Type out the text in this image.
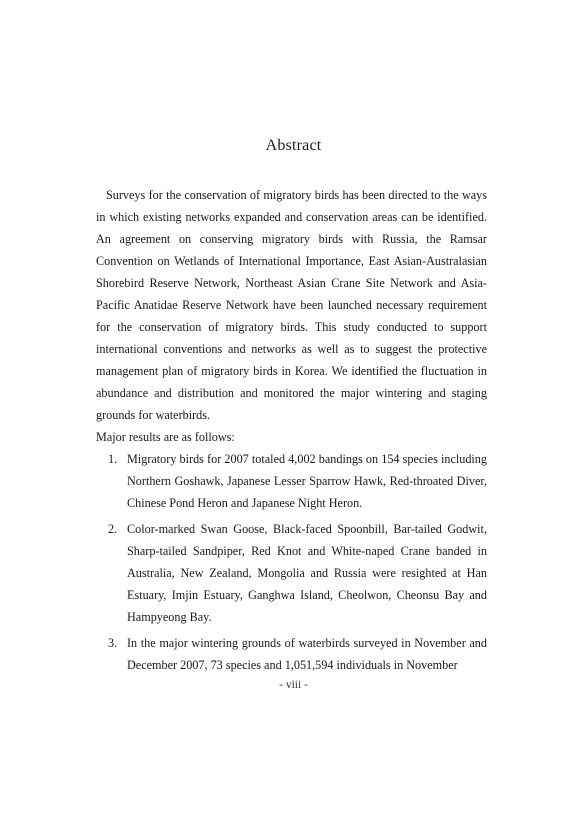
Abstract

Surveys for the conservation of migratory birds has been directed to the ways in which existing networks expanded and conservation areas can be identified. An agreement on conserving migratory birds with Russia, the Ramsar Convention on Wetlands of International Importance, East Asian-Australasian Shorebird Reserve Network, Northeast Asian Crane Site Network and Asia-Pacific Anatidae Reserve Network have been launched necessary requirement for the conservation of migratory birds. This study conducted to support international conventions and networks as well as to suggest the protective management plan of migratory birds in Korea. We identified the fluctuation in abundance and distribution and monitored the major wintering and staging grounds for waterbirds.

Major results are as follows:

1. Migratory birds for 2007 totaled 4,002 bandings on 154 species including Northern Goshawk, Japanese Lesser Sparrow Hawk, Red-throated Diver, Chinese Pond Heron and Japanese Night Heron.
2. Color-marked Swan Goose, Black-faced Spoonbill, Bar-tailed Godwit, Sharp-tailed Sandpiper, Red Knot and White-naped Crane banded in Australia, New Zealand, Mongolia and Russia were resighted at Han Estuary, Imjin Estuary, Ganghwa Island, Cheolwon, Cheonsu Bay and Hampyeong Bay.
3. In the major wintering grounds of waterbirds surveyed in November and December 2007, 73 species and 1,051,594 individuals in November
- viii -
